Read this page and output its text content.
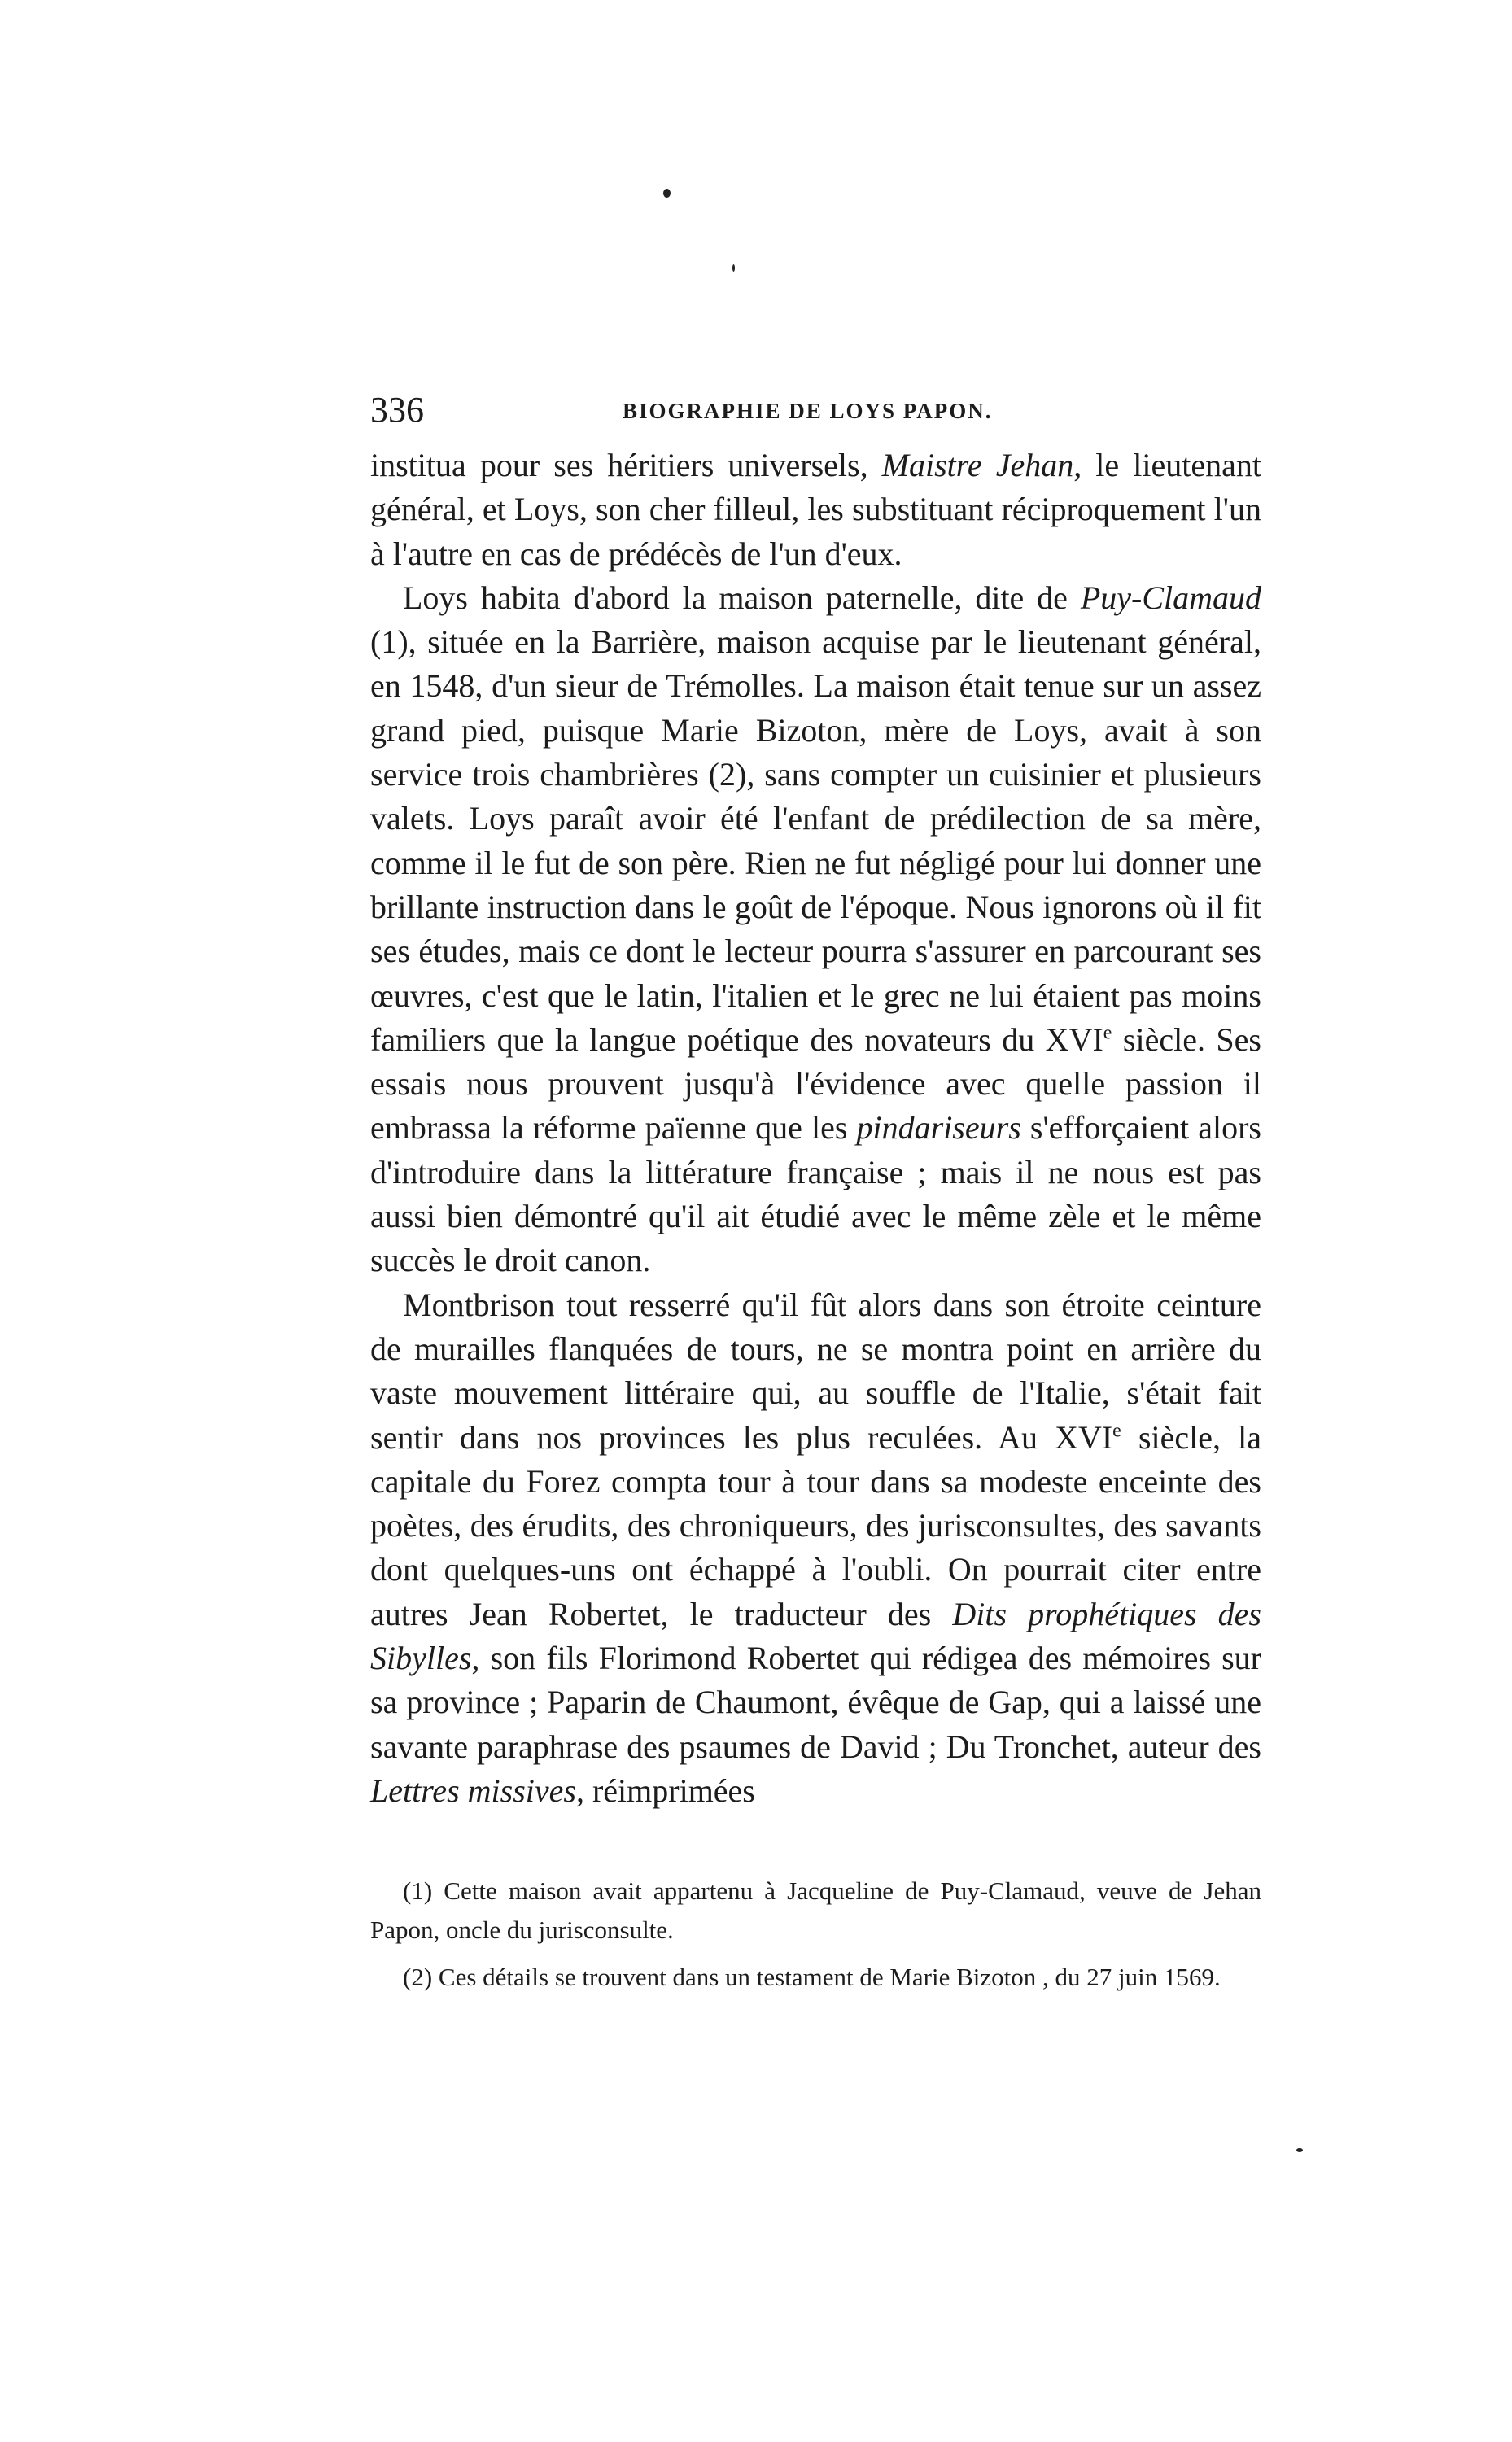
336	BIOGRAPHIE DE LOYS PAPON.

institua pour ses héritiers universels, Maistre Jehan, le lieutenant général, et Loys, son cher filleul, les substituant réciproquement l'un à l'autre en cas de prédécès de l'un d'eux.

Loys habita d'abord la maison paternelle, dite de Puy-Clamaud (1), située en la Barrière, maison acquise par le lieutenant général, en 1548, d'un sieur de Trémolles. La maison était tenue sur un assez grand pied, puisque Marie Bizoton, mère de Loys, avait à son service trois chambrières (2), sans compter un cuisinier et plusieurs valets. Loys paraît avoir été l'enfant de prédilection de sa mère, comme il le fut de son père. Rien ne fut négligé pour lui donner une brillante instruction dans le goût de l'époque. Nous ignorons où il fit ses études, mais ce dont le lecteur pourra s'assurer en parcourant ses œuvres, c'est que le latin, l'italien et le grec ne lui étaient pas moins familiers que la langue poétique des novateurs du XVIe siècle. Ses essais nous prouvent jusqu'à l'évidence avec quelle passion il embrassa la réforme païenne que les pindariseurs s'efforçaient alors d'introduire dans la littérature française ; mais il ne nous est pas aussi bien démontré qu'il ait étudié avec le même zèle et le même succès le droit canon.

Montbrison tout resserré qu'il fût alors dans son étroite ceinture de murailles flanquées de tours, ne se montra point en arrière du vaste mouvement littéraire qui, au souffle de l'Italie, s'était fait sentir dans nos provinces les plus reculées. Au XVIe siècle, la capitale du Forez compta tour à tour dans sa modeste enceinte des poètes, des érudits, des chroniqueurs, des jurisconsultes, des savants dont quelques-uns ont échappé à l'oubli. On pourrait citer entre autres Jean Robertet, le traducteur des Dits prophétiques des Sibylles, son fils Florimond Robertet qui rédigea des mémoires sur sa province ; Paparin de Chaumont, évêque de Gap, qui a laissé une savante paraphrase des psaumes de David ; Du Tronchet, auteur des Lettres missives, réimprimées

(1) Cette maison avait appartenu à Jacqueline de Puy-Clamaud, veuve de Jehan Papon, oncle du jurisconsulte.

(2) Ces détails se trouvent dans un testament de Marie Bizoton , du 27 juin 1569.
